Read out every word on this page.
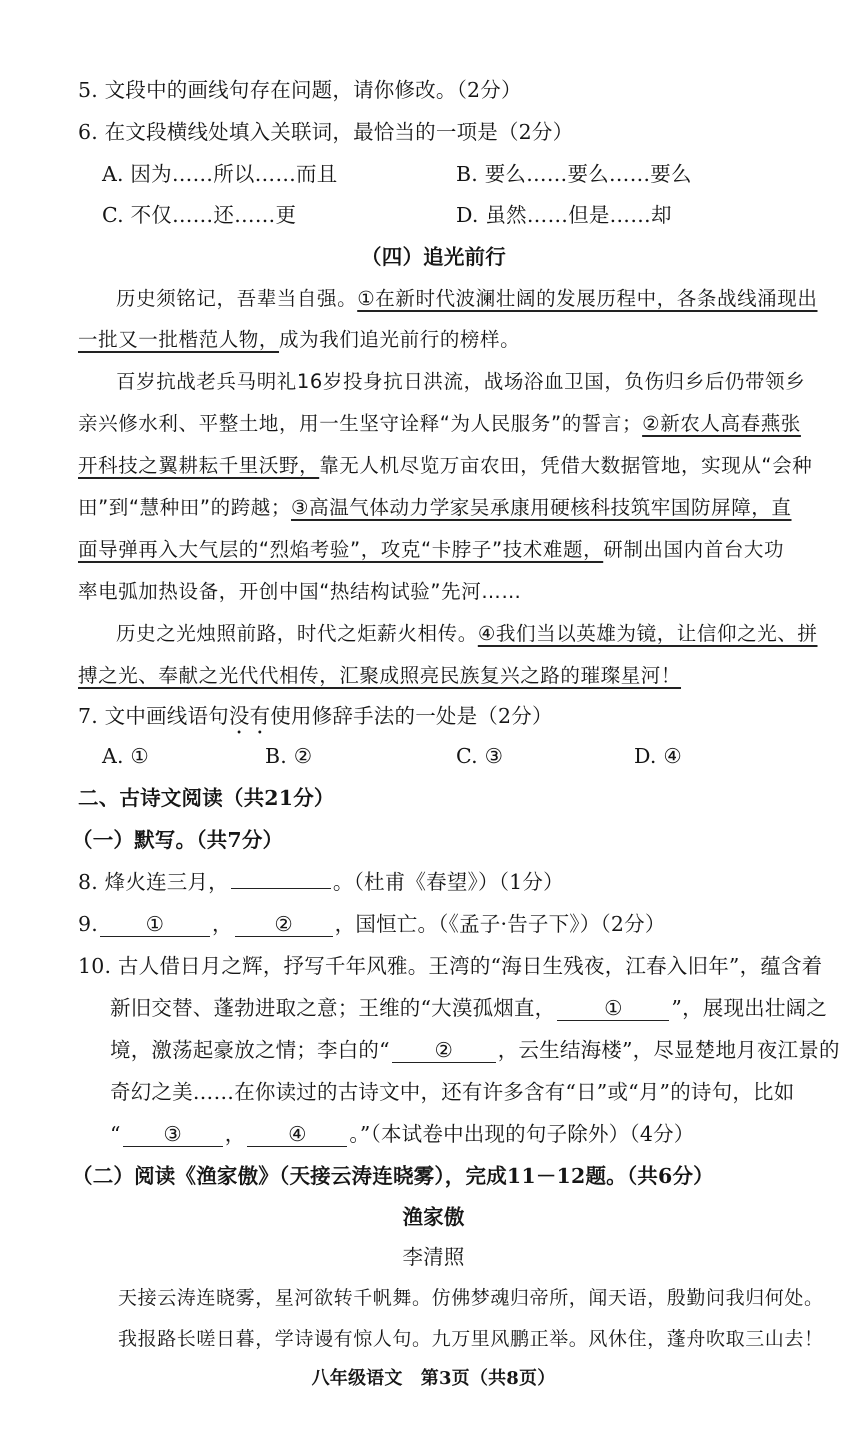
5. 文段中的画线句存在问题，请你修改。（2分）
6. 在文段横线处填入关联词，最恰当的一项是（2分）
A. 因为……所以……而且	B. 要么……要么……要么
C. 不仅……还……更	D. 虽然……但是……却
（四）追光前行
历史须铭记，吾辈当自强。①在新时代波澜壮阔的发展历程中，各条战线涌现出
一批又一批楷范人物，成为我们追光前行的榜样。
百岁抗战老兵马明礼16岁投身抗日洪流，战场浴血卫国，负伤归乡后仍带领乡
亲兴修水利、平整土地，用一生坚守诠释“为人民服务”的誓言；②新农人高春燕张
开科技之翼耕耘千里沃野，靠无人机尽览万亩农田，凭借大数据管地，实现从“会种
田”到“慧种田”的跨越；③高温气体动力学家吴承康用硬核科技筑牢国防屏障，直
面导弹再入大气层的“烈焰考验”，攻克“卡脖子”技术难题，研制出国内首台大功
率电弧加热设备，开创中国“热结构试验”先河……
历史之光烛照前路，时代之炬薪火相传。④我们当以英雄为镜，让信仰之光、拼
搏之光、奉献之光代代相传，汇聚成照亮民族复兴之路的璀璨星河！
7. 文中画线语句没有使用修辞手法的一处是（2分）
A. ①	B. ②	C. ③	D. ④
二、古诗文阅读（共21分）
（一）默写。（共7分）
8. 烽火连三月，	。（杜甫《春望》）（1分）
9. ① ， ② ，国恒亡。（《孟子·告子下》）（2分）
10. 古人借日月之辉，抒写千年风雅。王湾的“海日生残夜，江春入旧年”，蕴含着
新旧交替、蓬勃进取之意；王维的“大漠孤烟直， ① ”，展现出壮阔之
境，激荡起豪放之情；李白的“ ② ，云生结海楼”，尽显楚地月夜江景的
奇幻之美……在你读过的古诗文中，还有许多含有“日”或“月”的诗句，比如
“ ③ ， ④ 。”（本试卷中出现的句子除外）（4分）
（二）阅读《渔家傲》（天接云涛连晓雾），完成11－12题。（共6分）
渔家傲
李清照
天接云涛连晓雾，星河欲转千帆舞。仿佛梦魂归帝所，闻天语，殷勤问我归何处。
我报路长嗟日暮，学诗谩有惊人句。九万里风鹏正举。风休住，蓬舟吹取三山去！
八年级语文　第3页（共8页）
